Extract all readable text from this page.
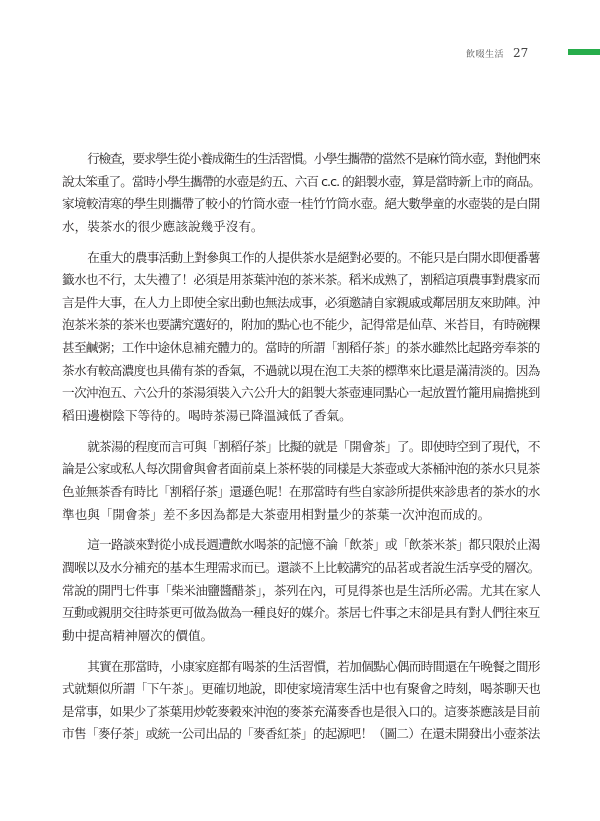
飲啜生活 27

行檢查，要求學生從小養成衛生的生活習慣。小學生攜帶的當然不是麻竹筒水壺，對他們來
說太笨重了。當時小學生攜帶的水壺是約五、六百 c.c. 的鋁製水壺，算是當時新上市的商品。
家境較清寒的學生則攜帶了較小的竹筒水壺一桂竹竹筒水壺。絕大數學童的水壺裝的是白開
水，裝茶水的很少應該說幾乎沒有。

在重大的農事活動上對參與工作的人提供茶水是絕對必要的。不能只是白開水即便番薯
籤水也不行，太失禮了！必須是用茶葉沖泡的茶米茶。稻米成熟了，割稻這項農事對農家而
言是件大事，在人力上即使全家出動也無法成事，必須邀請自家親戚或鄰居朋友來助陣。沖
泡茶米茶的茶米也要講究選好的，附加的點心也不能少，記得常是仙草、米苔目，有時碗粿
甚至鹹粥；工作中途休息補充體力的。當時的所謂「割稻仔茶」的茶水雖然比起路旁奉茶的
茶水有較高濃度也具備有茶的香氣，不過就以現在泡工夫茶的標準來比還是滿清淡的。因為
一次沖泡五、六公升的茶湯須裝入六公升大的鋁製大茶壺連同點心一起放置竹籠用扁擔挑到
稻田邊樹陰下等待的。喝時茶湯已降溫減低了香氣。

就茶湯的程度而言可與「割稻仔茶」比擬的就是「開會茶」了。即使時空到了現代，不
論是公家或私人每次開會與會者面前桌上茶杯裝的同樣是大茶壺或大茶桶沖泡的茶水只見茶
色並無茶香有時比「割稻仔茶」還遜色呢！在那當時有些自家診所提供來診患者的茶水的水
準也與「開會茶」差不多因為都是大茶壺用相對量少的茶葉一次沖泡而成的。

這一路談來對從小成長週遭飲水喝茶的記憶不論「飲茶」或「飲茶米茶」都只限於止渴
潤喉以及水分補充的基本生理需求而已。還談不上比較講究的品茗或者說生活享受的層次。
常說的開門七件事「柴米油鹽醬醋茶」，茶列在內，可見得茶也是生活所必需。尤其在家人
互動或親朋交往時茶更可做為做為一種良好的媒介。茶居七件事之末卻是具有對人們往來互
動中提高精神層次的價值。

其實在那當時，小康家庭都有喝茶的生活習慣，若加個點心偶而時間還在午晚餐之間形
式就類似所謂「下午茶」。更確切地說，即使家境清寒生活中也有聚會之時刻，喝茶聊天也
是常事，如果少了茶葉用炒乾麥穀來沖泡的麥茶充滿麥香也是很入口的。這麥茶應該是目前
市售「麥仔茶」或統一公司出品的「麥香紅茶」的起源吧！（圖二）在還未開發出小壺茶法
